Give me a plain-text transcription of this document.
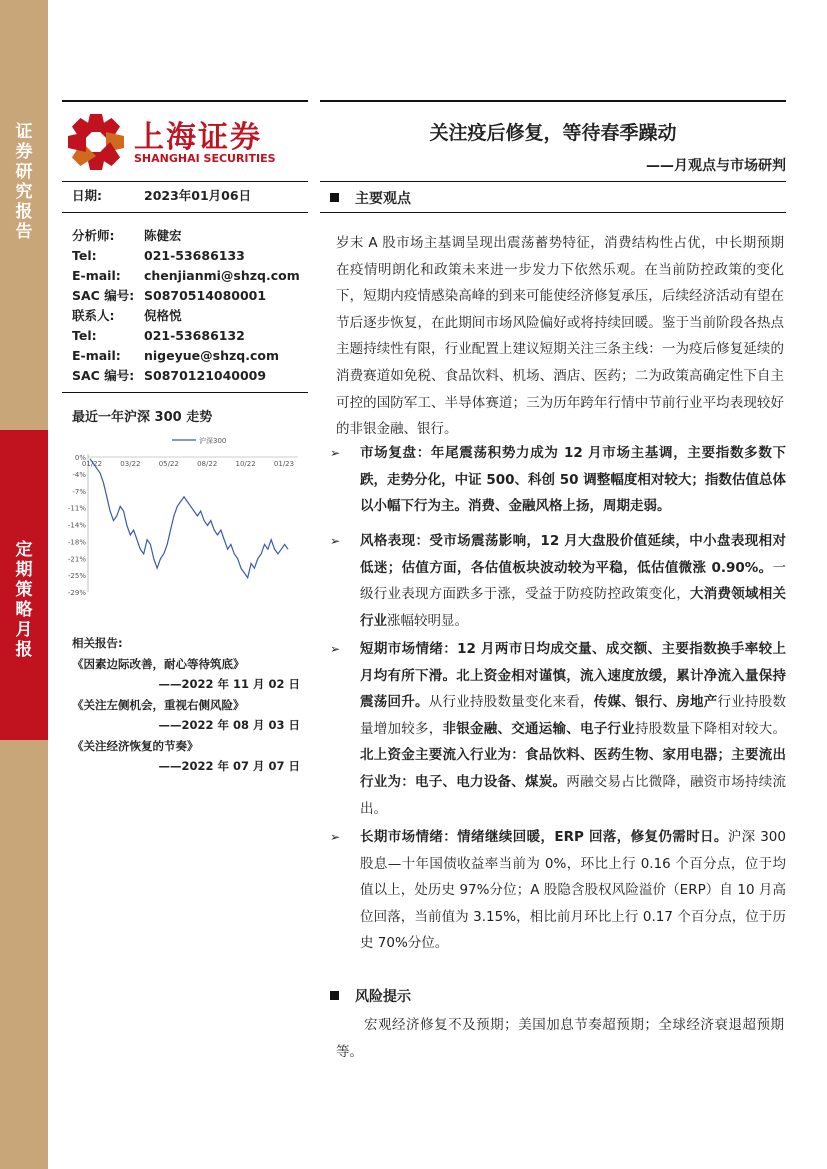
证券研究报告
定期策略月报
上海证券
SHANGHAI SECURITIES
关注疫后修复，等待春季躁动
——月观点与市场研判
日期:	2023年01月06日
分析师: 陈健宏
Tel:	021-53686133
E-mail: chenjianmi@shzq.com
SAC 编号: S0870514080001
联系人: 倪格悦
Tel:	021-53686132
E-mail: nigeyue@shzq.com
SAC 编号: S0870121040009
最近一年沪深 300 走势
0%
-4%
-7%
-11%
-14%
-18%
-21%
-25%
-29%
01/22	03/22	05/22	08/22	10/22	01/23
沪深300
相关报告:
《因素边际改善，耐心等待筑底》
——2022 年 11 月 02 日
《关注左侧机会，重视右侧风险》
——2022 年 08 月 03 日
《关注经济恢复的节奏》
——2022 年 07 月 07 日
主要观点
岁末 A 股市场主基调呈现出震荡蓄势特征，消费结构性占优，中长期预期在疫情明朗化和政策未来进一步发力下依然乐观。在当前防控政策的变化下，短期内疫情感染高峰的到来可能使经济修复承压，后续经济活动有望在节后逐步恢复，在此期间市场风险偏好或将持续回暖。鉴于当前阶段各热点主题持续性有限，行业配置上建议短期关注三条主线：一为疫后修复延续的消费赛道如免税、食品饮料、机场、酒店、医药；二为政策高确定性下自主可控的国防军工、半导体赛道；三为历年跨年行情中节前行业平均表现较好的非银金融、银行。
➢ 市场复盘：年尾震荡积势力成为 12 月市场主基调，主要指数多数下跌，走势分化，中证 500、科创 50 调整幅度相对较大；指数估值总体以小幅下行为主。消费、金融风格上扬，周期走弱。
➢ 风格表现：受市场震荡影响，12 月大盘股价值延续，中小盘表现相对低迷；估值方面，各估值板块波动较为平稳，低估值微涨 0.90%。一级行业表现方面跌多于涨，受益于防疫防控政策变化，大消费领域相关行业涨幅较明显。
➢ 短期市场情绪：12 月两市日均成交量、成交额、主要指数换手率较上月均有所下滑。北上资金相对谨慎，流入速度放缓，累计净流入量保持震荡回升。从行业持股数量变化来看，传媒、银行、房地产行业持股数量增加较多，非银金融、交通运输、电子行业持股数量下降相对较大。北上资金主要流入行业为：食品饮料、医药生物、家用电器；主要流出行业为：电子、电力设备、煤炭。两融交易占比微降，融资市场持续流出。
➢ 长期市场情绪：情绪继续回暖，ERP 回落，修复仍需时日。沪深 300 股息—十年国债收益率当前为 0%，环比上行 0.16 个百分点，位于均值以上，处历史 97%分位；A 股隐含股权风险溢价（ERP）自 10 月高位回落，当前值为 3.15%，相比前月环比上行 0.17 个百分点，位于历史 70%分位。
风险提示
宏观经济修复不及预期；美国加息节奏超预期；全球经济衰退超预期等。
